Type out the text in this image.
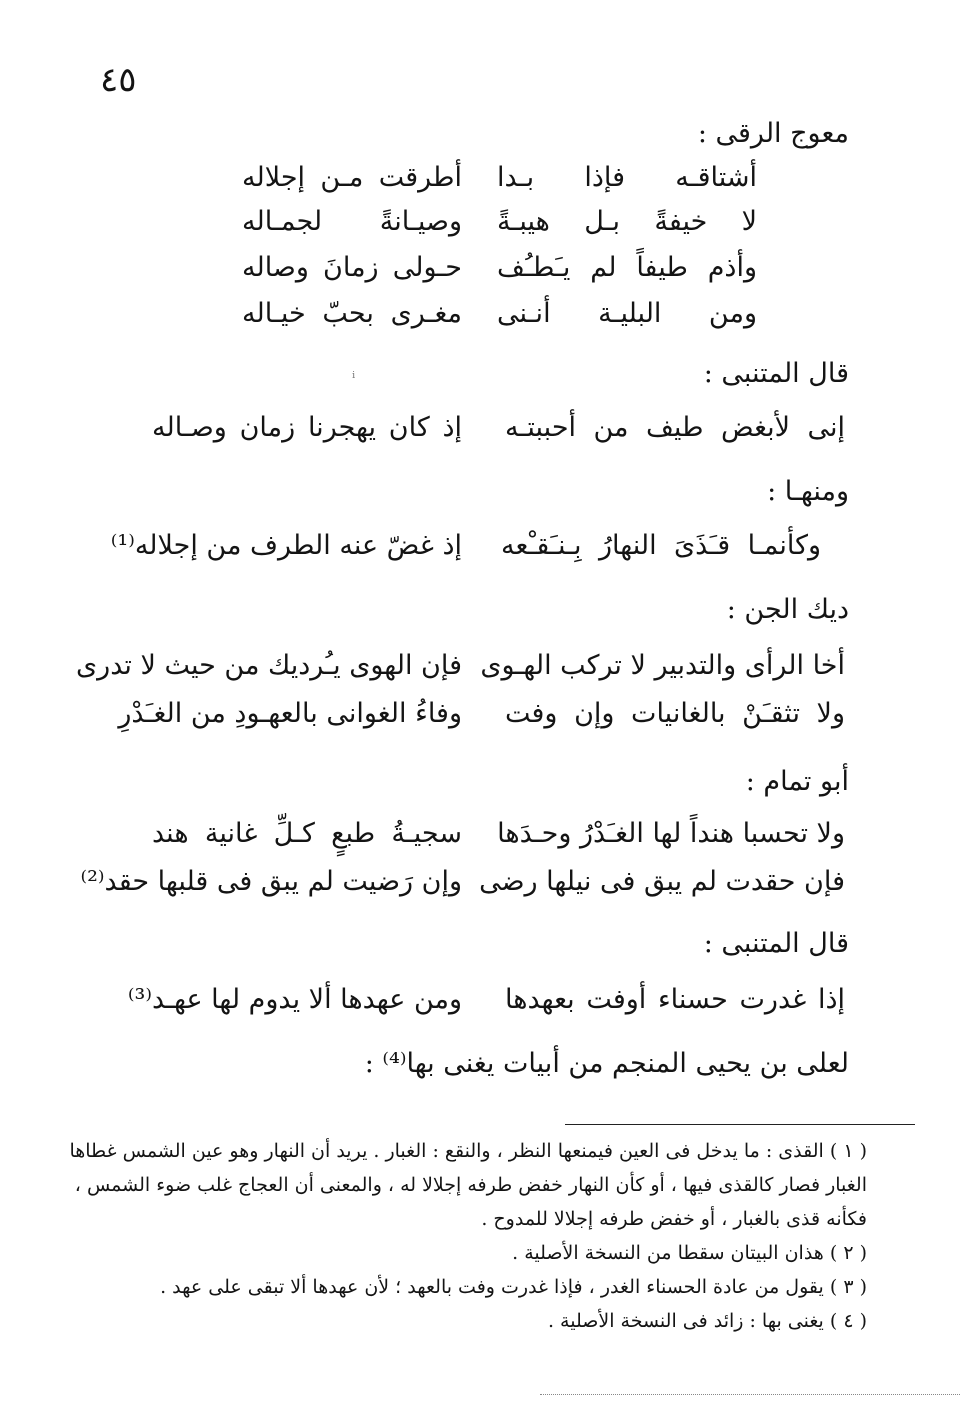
٤٥
معوج الرقى :
أشتاقـه فإذا بـدا
أطرقت مـن إجلاله
لا خيفةً بـل هيبـةً
وصيـانةً لجمـاله
وأذم طيفاً لم يـَطـُف
حـولى زمانَ وصاله
ومن البليـة أنـنى
مغـرى بحبّ خيـاله
قال المتنبى :
ⁱ
إنى لأبغض طيف من أحببتـه
إذ كان يهجرنا زمان وصـاله
ومنهـا :
وكأنمـا قـَذَىَ النهارُ بِـنـَقـْعه
إذ غضّ عنه الطرف من إجلاله⁽¹⁾
ديك الجن :
أخا الرأى والتدبير لا تركب الهـوى
فإن الهوى يـُرديك من حيث لا تدرى
ولا تثقـَنْ بالغانيات وإن وفت
وفاءُ الغوانى بالعهـودِ من الغـَدْرِ
أبو تمام :
ولا تحسبا هنداً لها الغـَدْرُ وحـدَها
سجيـةُ طبعٍ كـلِّ غانية هند
فإن حقدت لم يبق فى نيلها رضى
وإن رَضيت لم يبق فى قلبها حقد⁽²⁾
قال المتنبى :
إذا غدرت حسناء أوفت بعهدها
ومن عهدها ألا يدوم لها عهـد⁽³⁾
لعلى بن يحيى المنجم من أبيات يغنى بها⁽⁴⁾ :
( ١ ) القذى : ما يدخل فى العين فيمنعها النظر ، والنقع : الغبار . يريد أن النهار وهو عين الشمس غطاها
الغبار فصار كالقذى فيها ، أو كأن النهار خفض طرفه إجلالا له ، والمعنى أن العجاج غلب ضوء الشمس ،
فكأنه قذى بالغبار ، أو خفض طرفه إجلالا للمدوح .
( ٢ ) هذان البيتان سقطا من النسخة الأصلية .
( ٣ ) يقول من عادة الحسناء الغدر ، فإذا غدرت وفت بالعهد ؛ لأن عهدها ألا تبقى على عهد .
( ٤ ) يغنى بها : زائد فى النسخة الأصلية .
